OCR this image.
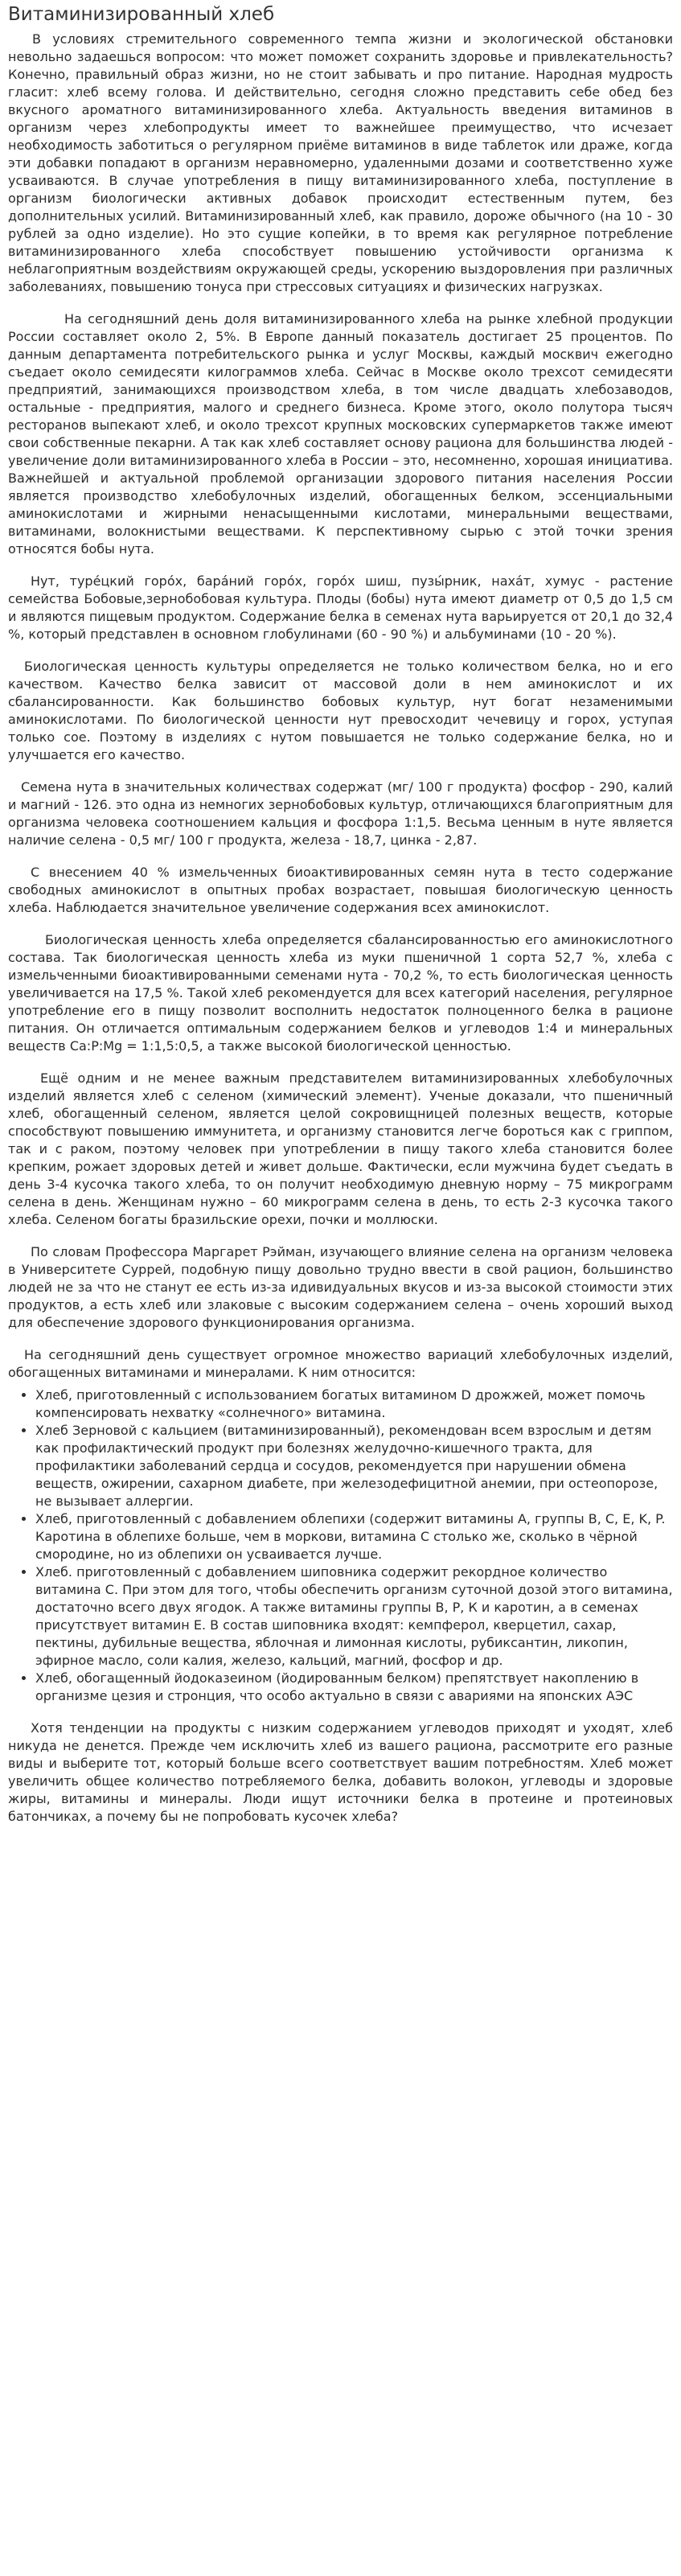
Витаминизированный хлеб

В условиях стремительного современного темпа жизни и экологической обстановки невольно задаешься вопросом: что может поможет сохранить здоровье и привлекательность? Конечно, правильный образ жизни, но не стоит забывать и про питание. Народная мудрость гласит: хлеб всему голова. И действительно, сегодня сложно представить себе обед без вкусного ароматного витаминизированного хлеба. Актуальность введения витаминов в организм через хлебопродукты имеет то важнейшее преимущество, что исчезает необходимость заботиться о регулярном приёме витаминов в виде таблеток или драже, когда эти добавки попадают в организм неравномерно, удаленными дозами и соответственно хуже усваиваются. В случае употребления в пищу витаминизированного хлеба, поступление в организм биологически активных добавок происходит естественным путем, без дополнительных усилий. Витаминизированный хлеб, как правило, дороже обычного (на 10 - 30 рублей за одно изделие). Но это сущие копейки, в то время как регулярное потребление витаминизированного хлеба способствует повышению устойчивости организма к неблагоприятным воздействиям окружающей среды, ускорению выздоровления при различных заболеваниях, повышению тонуса при стрессовых ситуациях и физических нагрузках.

На сегодняшний день доля витаминизированного хлеба на рынке хлебной продукции России составляет около 2, 5%. В Европе данный показатель достигает 25 процентов. По данным департамента потребительского рынка и услуг Москвы, каждый москвич ежегодно съедает около семидесяти килограммов хлеба. Сейчас в Москве около трехсот семидесяти предприятий, занимающихся производством хлеба, в том числе двадцать хлебозаводов, остальные - предприятия, малого и среднего бизнеса. Кроме этого, около полутора тысяч ресторанов выпекают хлеб, и около трехсот крупных московских супермаркетов также имеют свои собственные пекарни. А так как хлеб составляет основу рациона для большинства людей - увеличение доли витаминизированного хлеба в России – это, несомненно, хорошая инициатива. Важнейшей и актуальной проблемой организации здорового питания населения России является производство хлебобулочных изделий, обогащенных белком, эссенциальными аминокислотами и жирными ненасыщенными кислотами, минеральными веществами, витаминами, волокнистыми веществами. К перспективному сырью с этой точки зрения относятся бобы нута.

Нут, туре́цкий горо́х, бара́ний горо́х, горо́х шиш, пузы́рник, наха́т, хумус - растение семейства Бобовые,зернобобовая культура. Плоды (бобы) нута имеют диаметр от 0,5 до 1,5 см и являются пищевым продуктом. Содержание белка в семенах нута варьируется от 20,1 до 32,4 %, который представлен в основном глобулинами (60 - 90 %) и альбуминами (10 - 20 %).

Биологическая ценность культуры определяется не только количеством белка, но и его качеством. Качество белка зависит от массовой доли в нем аминокислот и их сбалансированности. Как большинство бобовых культур, нут богат незаменимыми аминокислотами. По биологической ценности нут превосходит чечевицу и горох, уступая только сое. Поэтому в изделиях с нутом повышается не только содержание белка, но и улучшается его качество.

Семена нута в значительных количествах содержат (мг/ 100 г продукта) фосфор - 290, калий и магний - 126. это одна из немногих зернобобовых культур, отличающихся благоприятным для организма человека соотношением кальция и фосфора 1:1,5. Весьма ценным в нуте является наличие селена - 0,5 мг/ 100 г продукта, железа - 18,7, цинка - 2,87.

С внесением 40 % измельченных биоактивированных семян нута в тесто содержание свободных аминокислот в опытных пробах возрастает, повышая биологическую ценность хлеба. Наблюдается значительное увеличение содержания всех аминокислот.

Биологическая ценность хлеба определяется сбалансированностью его аминокислотного состава. Так биологическая ценность хлеба из муки пшеничной 1 сорта 52,7 %, хлеба с измельченными биоактивированными семенами нута - 70,2 %, то есть биологическая ценность увеличивается на 17,5 %. Такой хлеб рекомендуется для всех категорий населения, регулярное употребление его в пищу позволит восполнить недостаток полноценного белка в рационе питания. Он отличается оптимальным содержанием белков и углеводов 1:4 и минеральных веществ Ca:P:Mg = 1:1,5:0,5, а также высокой биологической ценностью.

Ещё одним и не менее важным представителем витаминизированных хлебобулочных изделий является хлеб с селеном (химический элемент). Ученые доказали, что пшеничный хлеб, обогащенный селеном, является целой сокровищницей полезных веществ, которые способствуют повышению иммунитета, и организму становится легче бороться как с гриппом, так и с раком, поэтому человек при употреблении в пищу такого хлеба становится более крепким, рожает здоровых детей и живет дольше. Фактически, если мужчина будет съедать в день 3-4 кусочка такого хлеба, то он получит необходимую дневную норму – 75 микрограмм селена в день. Женщинам нужно – 60 микрограмм селена в день, то есть 2-3 кусочка такого хлеба. Селеном богаты бразильские орехи, почки и моллюски.

По словам Профессора Маргарет Рэйман, изучающего влияние селена на организм человека в Университете Суррей, подобную пищу довольно трудно ввести в свой рацион, большинство людей не за что не станут ее есть из-за идивидуальных вкусов и из-за высокой стоимости этих продуктов, а есть хлеб или злаковые с высоким содержанием селена – очень хороший выход для обеспечение здорового функционирования организма.

На сегодняшний день существует огромное множество вариаций хлебобулочных изделий, обогащенных витаминами и минералами. К ним относится:

• Хлеб, приготовленный с использованием богатых витамином D дрожжей, может помочь компенсировать нехватку «солнечного» витамина.
• Хлеб Зерновой с кальцием (витаминизированный), рекомендован всем взрослым и детям как профилактический продукт при болезнях желудочно-кишечного тракта, для профилактики заболеваний сердца и сосудов, рекомендуется при нарушении обмена веществ, ожирении, сахарном диабете, при железодефицитной анемии, при остеопорозе, не вызывает аллергии.
• Хлеб, приготовленный с добавлением облепихи (содержит витамины А, группы B, C, E, K, P. Каротина в облепихе больше, чем в моркови, витамина С столько же, сколько в чёрной смородине, но из облепихи он усваивается лучше.
• Хлеб. приготовленный с добавлением шиповника содержит рекордное количество витамина С. При этом для того, чтобы обеспечить организм суточной дозой этого витамина, достаточно всего двух ягодок. А также витамины группы В, Р, К и каротин, а в семенах присутствует витамин Е. В состав шиповника входят: кемпферол, кверцетил, сахар, пектины, дубильные вещества, яблочная и лимонная кислоты, рубиксантин, ликопин, эфирное масло, соли калия, железо, кальций, магний, фосфор и др.
• Хлеб, обогащенный йодоказеином (йодированным белком) препятствует накоплению в организме цезия и стронция, что особо актуально в связи с авариями на японских АЭС

Хотя тенденции на продукты с низким содержанием углеводов приходят и уходят, хлеб никуда не денется. Прежде чем исключить хлеб из вашего рациона, рассмотрите его разные виды и выберите тот, который больше всего соответствует вашим потребностям. Хлеб может увеличить общее количество потребляемого белка, добавить волокон, углеводы и здоровые жиры, витамины и минералы. Люди ищут источники белка в протеине и протеиновых батончиках, а почему бы не попробовать кусочек хлеба?
